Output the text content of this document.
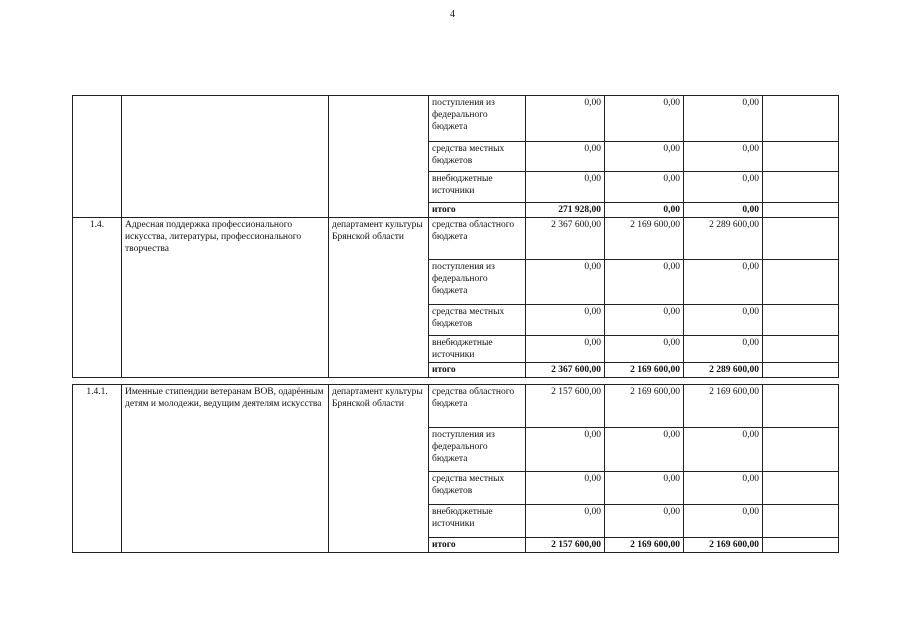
4
			поступления из федерального бюджета	0,00	0,00	0,00	
			средства местных бюджетов	0,00	0,00	0,00	
			внебюджетные источники	0,00	0,00	0,00	
			итого	271 928,00	0,00	0,00	
1.4.	Адресная поддержка профессионального искусства, литературы, профессионального творчества	департамент культуры Брянской области	средства областного бюджета	2 367 600,00	2 169 600,00	2 289 600,00	
			поступления из федерального бюджета	0,00	0,00	0,00	
			средства местных бюджетов	0,00	0,00	0,00	
			внебюджетные источники	0,00	0,00	0,00	
			итого	2 367 600,00	2 169 600,00	2 289 600,00	

1.4.1.	Именные стипендии ветеранам ВОВ, одарённым детям и молодежи, ведущим деятелям искусства	департамент культуры Брянской области	средства областного бюджета	2 157 600,00	2 169 600,00	2 169 600,00	
			поступления из федерального бюджета	0,00	0,00	0,00	
			средства местных бюджетов	0,00	0,00	0,00	
			внебюджетные источники	0,00	0,00	0,00	
			итого	2 157 600,00	2 169 600,00	2 169 600,00	
